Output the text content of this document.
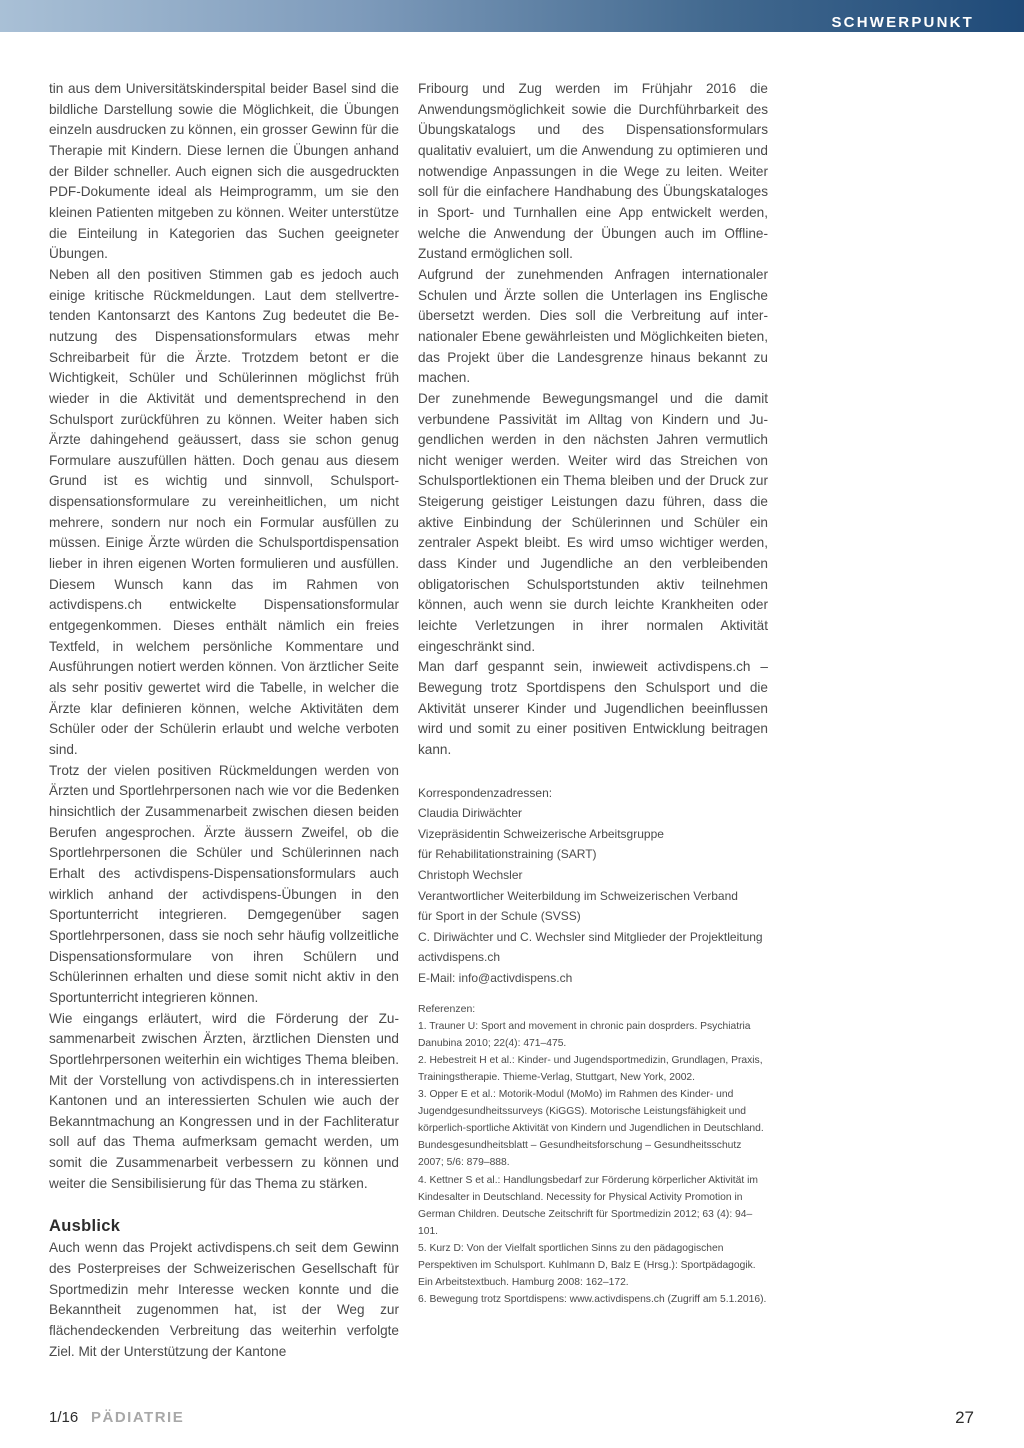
SCHWERPUNKT

tin aus dem Universitätskinderspital beider Basel sind die bildliche Darstellung sowie die Möglichkeit, die Übungen einzeln ausdrucken zu können, ein grosser Gewinn für die Therapie mit Kindern. Diese lernen die Übungen anhand der Bilder schneller. Auch eignen sich die ausgedruckten PDF-Dokumente ideal als Heimprogramm, um sie den kleinen Patienten mitgeben zu können. Weiter unterstütze die Einteilung in Kategorien das Suchen geeigneter Übungen.

Neben all den positiven Stimmen gab es jedoch auch einige kritische Rückmeldungen. Laut dem stellvertretenden Kantonsarzt des Kantons Zug bedeutet die Benutzung des Dispensationsformulars etwas mehr Schreibarbeit für die Ärzte. Trotzdem betont er die Wichtigkeit, Schüler und Schülerinnen möglichst früh wieder in die Aktivität und dementsprechend in den Schulsport zurückführen zu können. Weiter haben sich Ärzte dahingehend geäussert, dass sie schon genug Formulare auszufüllen hätten. Doch genau aus diesem Grund ist es wichtig und sinnvoll, Schulsportdispensationsformulare zu vereinheitlichen, um nicht mehrere, sondern nur noch ein Formular ausfüllen zu müssen. Einige Ärzte würden die Schulsportdispensation lieber in ihren eigenen Worten formulieren und ausfüllen. Diesem Wunsch kann das im Rahmen von activdispens.ch entwickelte Dispensationsformular entgegenkommen. Dieses enthält nämlich ein freies Textfeld, in welchem persönliche Kommentare und Ausführungen notiert werden können. Von ärztlicher Seite als sehr positiv gewertet wird die Tabelle, in welcher die Ärzte klar definieren können, welche Aktivitäten dem Schüler oder der Schülerin erlaubt und welche verboten sind.

Trotz der vielen positiven Rückmeldungen werden von Ärzten und Sportlehrpersonen nach wie vor die Bedenken hinsichtlich der Zusammenarbeit zwischen diesen beiden Berufen angesprochen. Ärzte äussern Zweifel, ob die Sportlehrpersonen die Schüler und Schülerinnen nach Erhalt des activdispens-Dispensationsformulars auch wirklich anhand der activdispens-Übungen in den Sportunterricht integrieren. Demgegenüber sagen Sportlehrpersonen, dass sie noch sehr häufig vollzeitliche Dispensationsformulare von ihren Schülern und Schülerinnen erhalten und diese somit nicht aktiv in den Sportunterricht integrieren können.

Wie eingangs erläutert, wird die Förderung der Zusammenarbeit zwischen Ärzten, ärztlichen Diensten und Sportlehrpersonen weiterhin ein wichtiges Thema bleiben. Mit der Vorstellung von activdispens.ch in interessierten Kantonen und an interessierten Schulen wie auch der Bekanntmachung an Kongressen und in der Fachliteratur soll auf das Thema aufmerksam gemacht werden, um somit die Zusammenarbeit verbessern zu können und weiter die Sensibilisierung für das Thema zu stärken.

Ausblick

Auch wenn das Projekt activdispens.ch seit dem Gewinn des Posterpreises der Schweizerischen Gesellschaft für Sportmedizin mehr Interesse wecken konnte und die Bekanntheit zugenommen hat, ist der Weg zur flächendeckenden Verbreitung das weiterhin verfolgte Ziel. Mit der Unterstützung der Kantone

Fribourg und Zug werden im Frühjahr 2016 die Anwendungsmöglichkeit sowie die Durchführbarkeit des Übungskatalogs und des Dispensationsformulars qualitativ evaluiert, um die Anwendung zu optimieren und notwendige Anpassungen in die Wege zu leiten. Weiter soll für die einfachere Handhabung des Übungskataloges in Sport- und Turnhallen eine App entwickelt werden, welche die Anwendung der Übungen auch im Offline-Zustand ermöglichen soll.

Aufgrund der zunehmenden Anfragen internationaler Schulen und Ärzte sollen die Unterlagen ins Englische übersetzt werden. Dies soll die Verbreitung auf internationaler Ebene gewährleisten und Möglichkeiten bieten, das Projekt über die Landesgrenze hinaus bekannt zu machen.

Der zunehmende Bewegungsmangel und die damit verbundene Passivität im Alltag von Kindern und Jugendlichen werden in den nächsten Jahren vermutlich nicht weniger werden. Weiter wird das Streichen von Schulsportlektionen ein Thema bleiben und der Druck zur Steigerung geistiger Leistungen dazu führen, dass die aktive Einbindung der Schülerinnen und Schüler ein zentraler Aspekt bleibt. Es wird umso wichtiger werden, dass Kinder und Jugendliche an den verbleibenden obligatorischen Schulsportstunden aktiv teilnehmen können, auch wenn sie durch leichte Krankheiten oder leichte Verletzungen in ihrer normalen Aktivität eingeschränkt sind.

Man darf gespannt sein, inwieweit activdispens.ch – Bewegung trotz Sportdispens den Schulsport und die Aktivität unserer Kinder und Jugendlichen beeinflussen wird und somit zu einer positiven Entwicklung beitragen kann.

Korrespondenzadressen:
Claudia Diriwächter
Vizepräsidentin Schweizerische Arbeitsgruppe
für Rehabilitationstraining (SART)
Christoph Wechsler
Verantwortlicher Weiterbildung im Schweizerischen Verband
für Sport in der Schule (SVSS)
C. Diriwächter und C. Wechsler sind Mitglieder der Projektleitung
activdispens.ch
E-Mail: info@activdispens.ch
Referenzen:
1. Trauner U: Sport and movement in chronic pain dosprders. Psychiatria Danubina 2010; 22(4): 471–475.
2. Hebestreit H et al.: Kinder- und Jugendsportmedizin, Grundlagen, Praxis, Trainingstherapie. Thieme-Verlag, Stuttgart, New York, 2002.
3. Opper E et al.: Motorik-Modul (MoMo) im Rahmen des Kinder- und Jugendgesundheitssurveys (KiGGS). Motorische Leistungsfähigkeit und körperlich-sportliche Aktivität von Kindern und Jugendlichen in Deutschland. Bundesgesundheitsblatt – Gesundheitsforschung – Gesundheitsschutz 2007; 5/6: 879–888.
4. Kettner S et al.: Handlungsbedarf zur Förderung körperlicher Aktivität im Kindesalter in Deutschland. Necessity for Physical Activity Promotion in German Children. Deutsche Zeitschrift für Sportmedizin 2012; 63 (4): 94–101.
5. Kurz D: Von der Vielfalt sportlichen Sinns zu den pädagogischen Perspektiven im Schulsport. Kuhlmann D, Balz E (Hrsg.): Sportpädagogik. Ein Arbeitstextbuch. Hamburg 2008: 162–172.
6. Bewegung trotz Sportdispens: www.activdispens.ch (Zugriff am 5.1.2016).
1/16 PÄDIATRIE	27
